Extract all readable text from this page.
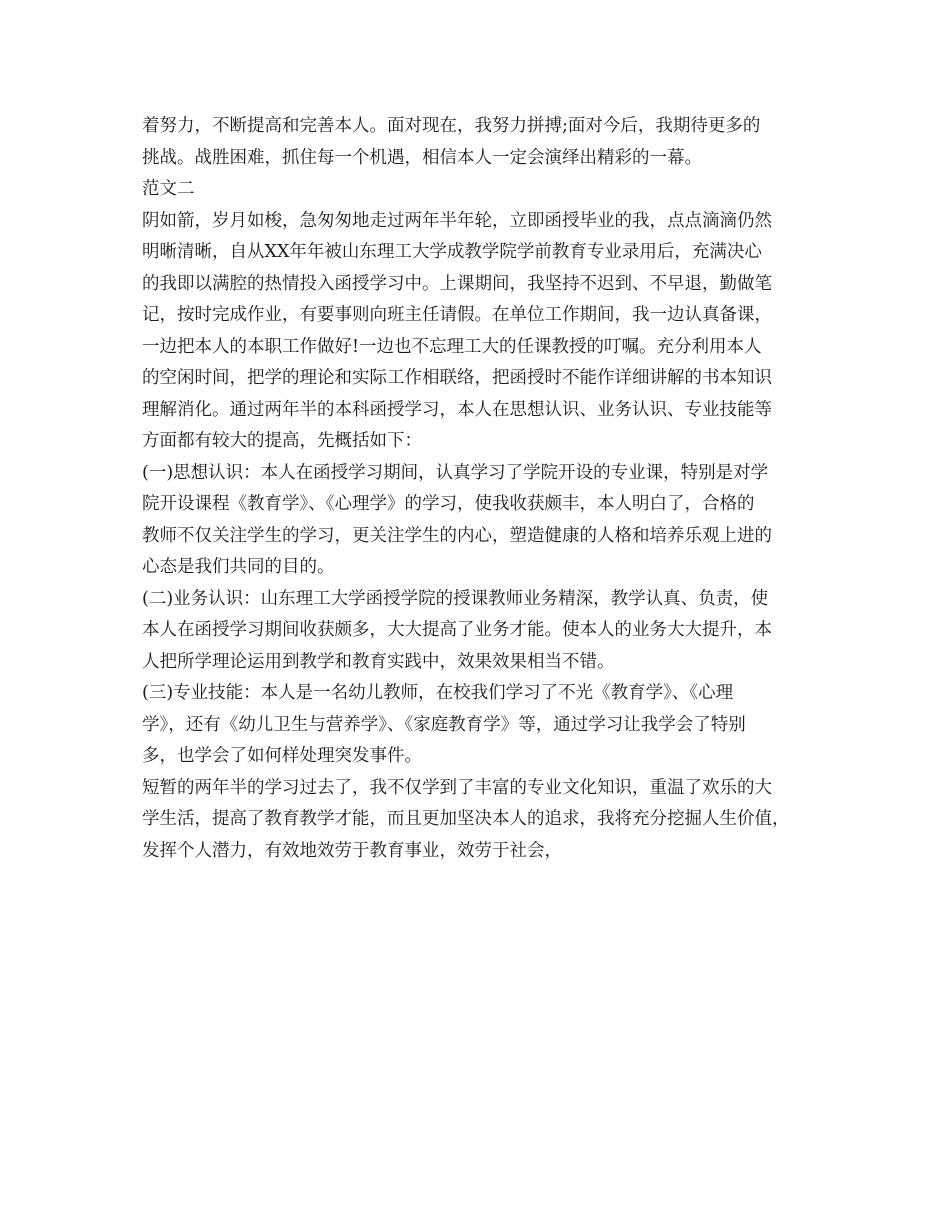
着努力，不断提高和完善本人。面对现在，我努力拼搏;面对今后，我期待更多的
挑战。战胜困难，抓住每一个机遇，相信本人一定会演绎出精彩的一幕。
范文二
阴如箭，岁月如梭，急匆匆地走过两年半年轮，立即函授毕业的我，点点滴滴仍然
明晰清晰，自从XX年年被山东理工大学成教学院学前教育专业录用后，充满决心
的我即以满腔的热情投入函授学习中。上课期间，我坚持不迟到、不早退，勤做笔
记，按时完成作业，有要事则向班主任请假。在单位工作期间，我一边认真备课，
一边把本人的本职工作做好!一边也不忘理工大的任课教授的叮嘱。充分利用本人
的空闲时间，把学的理论和实际工作相联络，把函授时不能作详细讲解的书本知识
理解消化。通过两年半的本科函授学习，本人在思想认识、业务认识、专业技能等
方面都有较大的提高，先概括如下：
(一)思想认识：本人在函授学习期间，认真学习了学院开设的专业课，特别是对学
院开设课程《教育学》、《心理学》的学习，使我收获颇丰，本人明白了，合格的
教师不仅关注学生的学习，更关注学生的内心，塑造健康的人格和培养乐观上进的
心态是我们共同的目的。
(二)业务认识：山东理工大学函授学院的授课教师业务精深，教学认真、负责，使
本人在函授学习期间收获颇多，大大提高了业务才能。使本人的业务大大提升，本
人把所学理论运用到教学和教育实践中，效果效果相当不错。
(三)专业技能：本人是一名幼儿教师，在校我们学习了不光《教育学》、《心理
学》，还有《幼儿卫生与营养学》、《家庭教育学》等，通过学习让我学会了特别
多，也学会了如何样处理突发事件。
短暂的两年半的学习过去了，我不仅学到了丰富的专业文化知识，重温了欢乐的大
学生活，提高了教育教学才能，而且更加坚决本人的追求，我将充分挖掘人生价值，
发挥个人潜力，有效地效劳于教育事业，效劳于社会，
